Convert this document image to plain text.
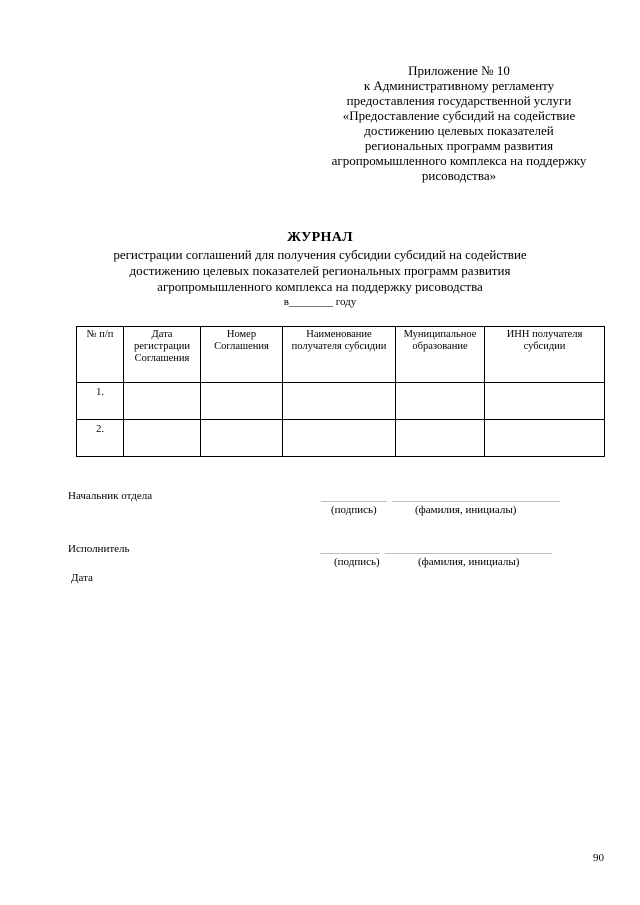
Приложение № 10
к Административному регламенту
предоставления государственной услуги
«Предоставление субсидий на содействие
достижению целевых показателей
региональных программ развития
агропромышленного комплекса на поддержку
рисоводства»
ЖУРНАЛ
регистрации соглашений для получения субсидии субсидий на содействие
достижению целевых показателей региональных программ развития
агропромышленного комплекса на поддержку рисоводства
в________ году
№ п/п	Дата регистрации Соглашения	Номер Соглашения	Наименование получателя субсидии	Муниципальное образование	ИНН получателя субсидии
1.					
2.					
Начальник отдела
(подпись)	(фамилия, инициалы)
Исполнитель
(подпись)	(фамилия, инициалы)
Дата
90
